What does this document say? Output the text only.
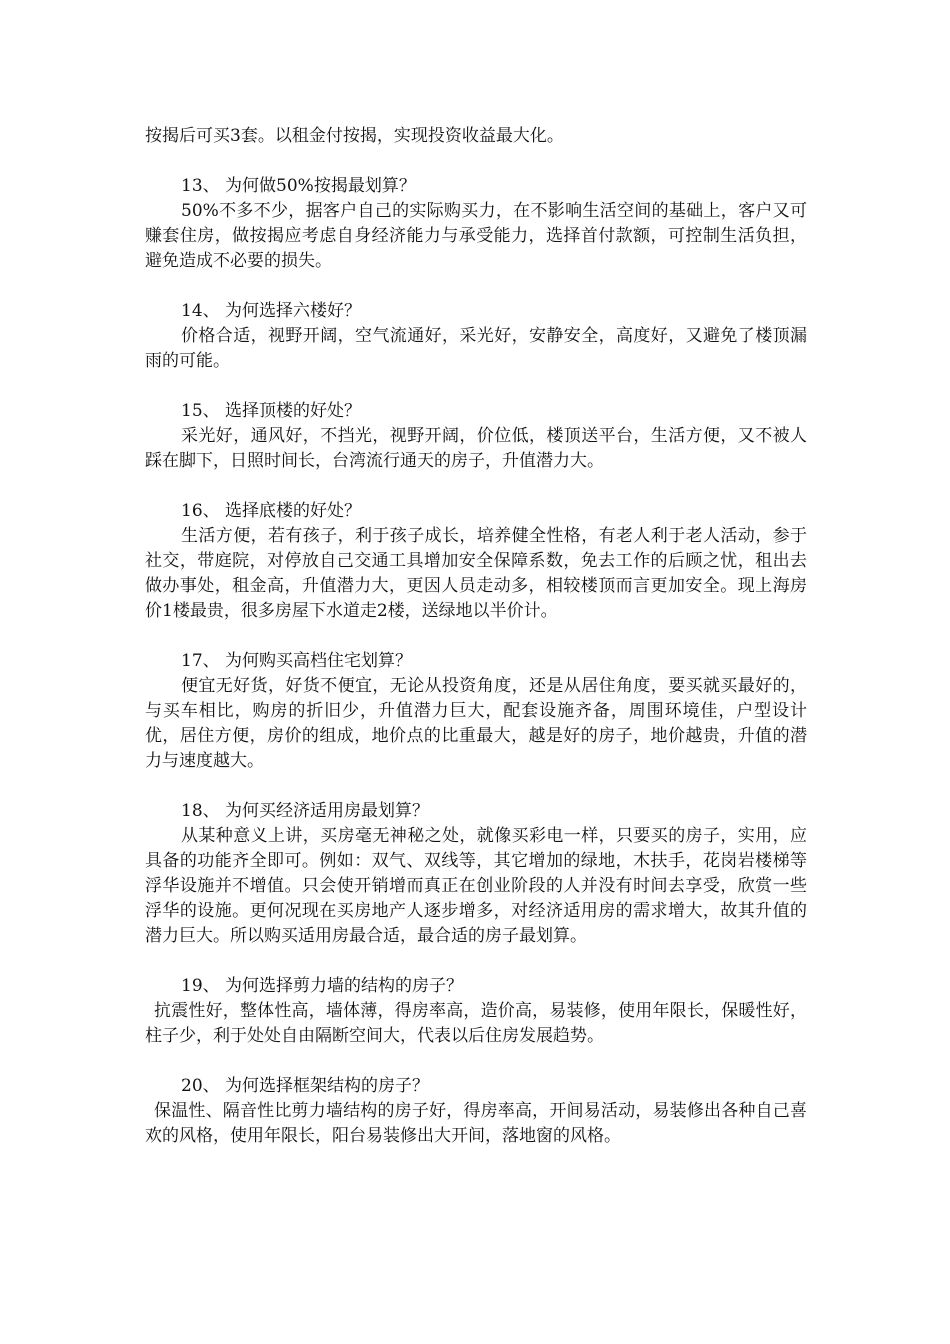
按揭后可买3套。以租金付按揭，实现投资收益最大化。

13、 为何做50%按揭最划算？

50%不多不少，据客户自己的实际购买力，在不影响生活空间的基础上，客户又可赚套住房，做按揭应考虑自身经济能力与承受能力，选择首付款额，可控制生活负担，避免造成不必要的损失。

14、 为何选择六楼好？

价格合适，视野开阔，空气流通好，采光好，安静安全，高度好，又避免了楼顶漏雨的可能。

15、 选择顶楼的好处？

采光好，通风好，不挡光，视野开阔，价位低，楼顶送平台，生活方便，又不被人踩在脚下，日照时间长，台湾流行通天的房子，升值潜力大。

16、 选择底楼的好处？

生活方便，若有孩子，利于孩子成长，培养健全性格，有老人利于老人活动，参于社交，带庭院，对停放自己交通工具增加安全保障系数，免去工作的后顾之忧，租出去做办事处，租金高，升值潜力大，更因人员走动多，相较楼顶而言更加安全。现上海房价1楼最贵，很多房屋下水道走2楼，送绿地以半价计。

17、 为何购买高档住宅划算？

便宜无好货，好货不便宜，无论从投资角度，还是从居住角度，要买就买最好的，与买车相比，购房的折旧少，升值潜力巨大，配套设施齐备，周围环境佳，户型设计优，居住方便，房价的组成，地价点的比重最大，越是好的房子，地价越贵，升值的潜力与速度越大。

18、 为何买经济适用房最划算？

从某种意义上讲，买房毫无神秘之处，就像买彩电一样，只要买的房子，实用，应具备的功能齐全即可。例如：双气、双线等，其它增加的绿地，木扶手，花岗岩楼梯等浮华设施并不增值。只会使开销增而真正在创业阶段的人并没有时间去享受，欣赏一些浮华的设施。更何况现在买房地产人逐步增多，对经济适用房的需求增大，故其升值的潜力巨大。所以购买适用房最合适，最合适的房子最划算。

19、 为何选择剪力墙的结构的房子？

抗震性好，整体性高，墙体薄，得房率高，造价高，易装修，使用年限长，保暖性好，柱子少，利于处处自由隔断空间大，代表以后住房发展趋势。

20、 为何选择框架结构的房子？

保温性、隔音性比剪力墙结构的房子好，得房率高，开间易活动，易装修出各种自己喜欢的风格，使用年限长，阳台易装修出大开间，落地窗的风格。
